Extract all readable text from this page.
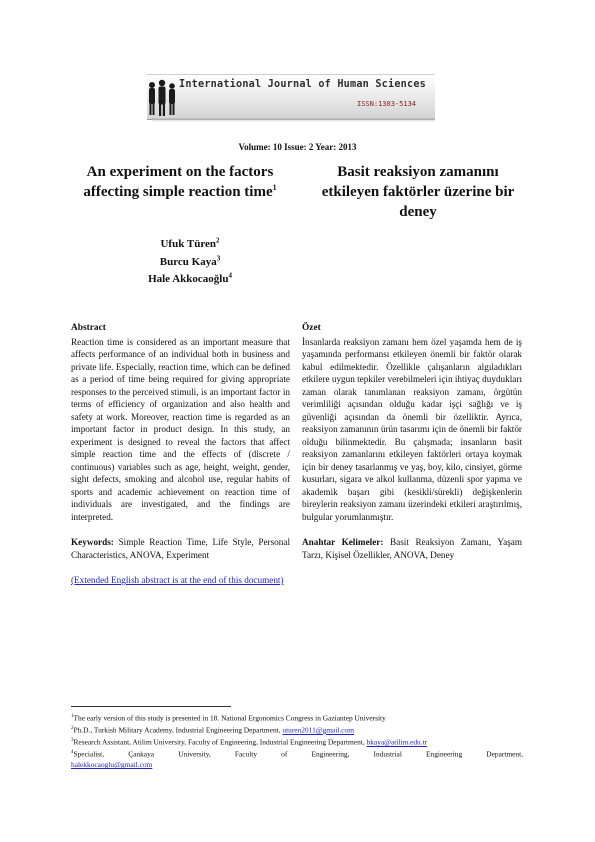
International Journal of Human Sciences
ISSN:1303-5134
Volume: 10 Issue: 2 Year: 2013
An experiment on the factors affecting simple reaction time$^1$
Basit reaksiyon zamanını etkileyen faktörler üzerine bir deney
Ufuk Türen$^2$
Burcu Kaya$^3$
Hale Akkocaoğlu$^4$
Abstract

Reaction time is considered as an important measure that affects performance of an individual both in business and private life. Especially, reaction time, which can be defined as a period of time being required for giving appropriate responses to the perceived stimuli, is an important factor in terms of efficiency of organization and also health and safety at work. Moreover, reaction time is regarded as an important factor in product design. In this study, an experiment is designed to reveal the factors that affect simple reaction time and the effects of (discrete / continuous) variables such as age, height, weight, gender, sight defects, smoking and alcohol use, regular habits of sports and academic achievement on reaction time of individuals are investigated, and the findings are interpreted.

Keywords: Simple Reaction Time, Life Style, Personal Characteristics, ANOVA, Experiment

(Extended English abstract is at the end of this document)
Özet

İnsanlarda reaksiyon zamanı hem özel yaşamda hem de iş yaşamında performansı etkileyen önemli bir faktör olarak kabul edilmektedir. Özellikle çalışanların algıladıkları etkilere uygun tepkiler verebilmeleri için ihtiyaç duydukları zaman olarak tanımlanan reaksiyon zamanı, örgütün verimliliği açısından olduğu kadar işçi sağlığı ve iş güvenliği açısından da önemli bir özelliktir. Ayrıca, reaksiyon zamanının ürün tasarımı için de önemli bir faktör olduğu bilinmektedir. Bu çalışmada; insanların basit reaksiyon zamanlarını etkileyen faktörleri ortaya koymak için bir deney tasarlanmış ve yaş, boy, kilo, cinsiyet, görme kusurları, sigara ve alkol kullanma, düzenli spor yapma ve akademik başarı gibi (kesikli/sürekli) değişkenlerin bireylerin reaksiyon zamanı üzerindeki etkileri araştırılmış, bulgular yorumlanmıştır.

Anahtar Kelimeler: Basit Reaksiyon Zamanı, Yaşam Tarzı, Kişisel Özellikler, ANOVA, Deney

$^1$The early version of this study is presented in 18. National Ergonomics Congress in Gaziantep University
$^2$Ph.D., Turkish Military Academy, Industrial Engineering Department, uturen2011@gmail.com
$^3$Research Assistant, Atilim University, Faculty of Engineering, Industrial Engineering Department, bkaya@atilim.edu.tr
$^4$Specialist, Çankaya University, Faculty of Engineering, Industrial Engineering Department,
halekkocaoglu@gmail.com
